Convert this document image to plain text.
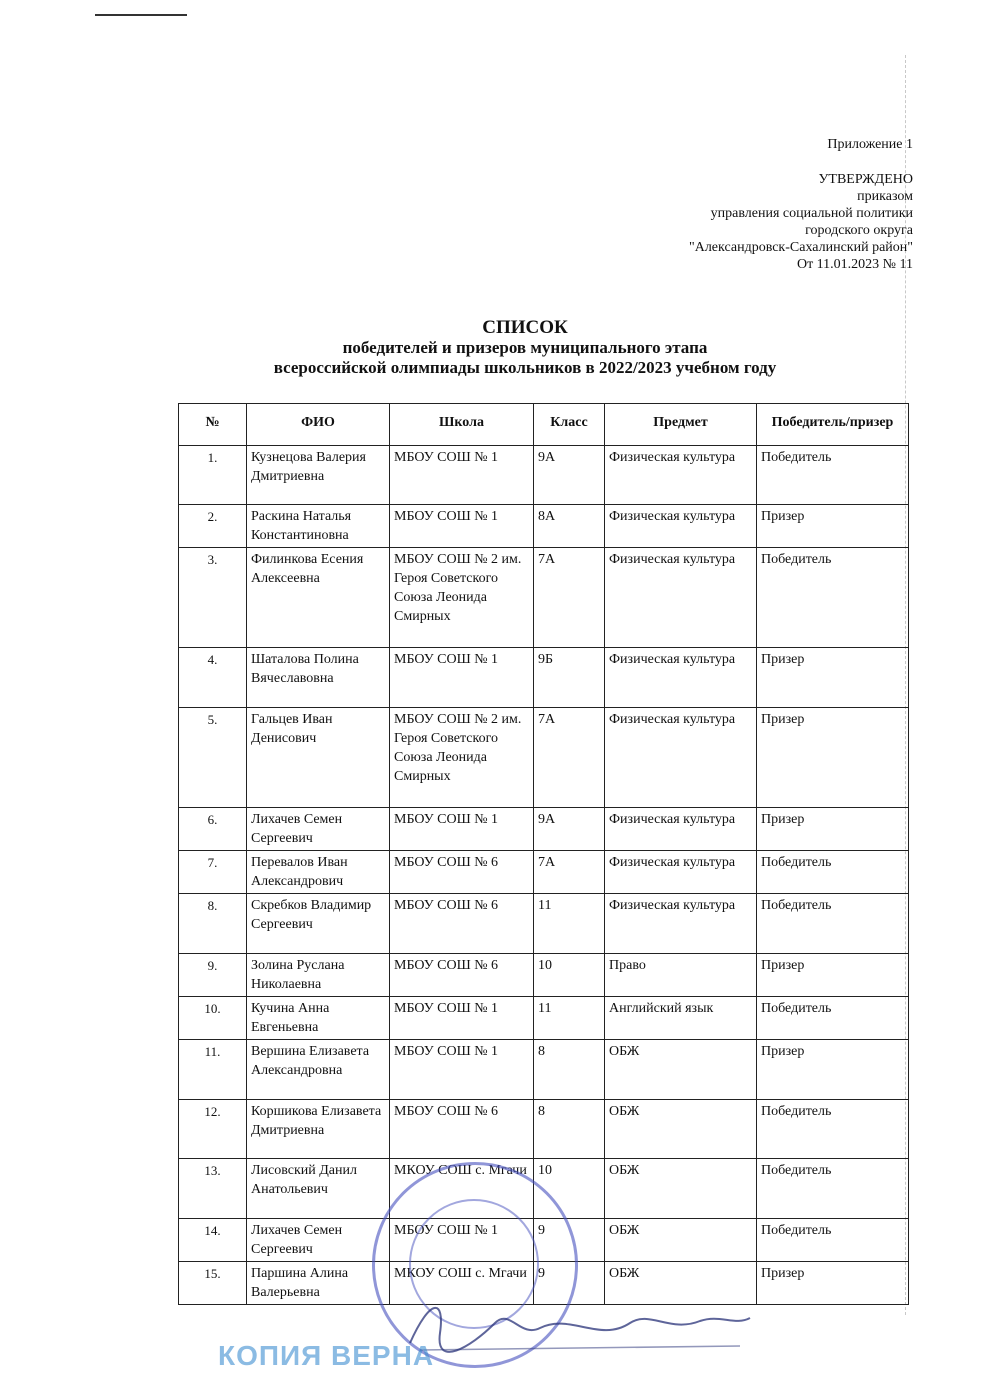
Приложение 1
УТВЕРЖДЕНО
приказом
управления социальной политики
городского округа
"Александровск-Сахалинский район"
От 11.01.2023 № 11
СПИСОК
победителей и призеров муниципального этапа
всероссийской олимпиады школьников в 2022/2023 учебном году
№	ФИО	Школа	Класс	Предмет	Победитель/призер
1.	Кузнецова Валерия Дмитриевна	МБОУ СОШ № 1	9А	Физическая культура	Победитель
2.	Раскина Наталья Константиновна	МБОУ СОШ № 1	8А	Физическая культура	Призер
3.	Филинкова Есения Алексеевна	МБОУ СОШ № 2 им. Героя Советского Союза Леонида Смирных	7А	Физическая культура	Победитель
4.	Шаталова Полина Вячеславовна	МБОУ СОШ № 1	9Б	Физическая культура	Призер
5.	Гальцев Иван Денисович	МБОУ СОШ № 2 им. Героя Советского Союза Леонида Смирных	7А	Физическая культура	Призер
6.	Лихачев Семен Сергеевич	МБОУ СОШ № 1	9А	Физическая культура	Призер
7.	Перевалов Иван Александрович	МБОУ СОШ № 6	7А	Физическая культура	Победитель
8.	Скребков Владимир Сергеевич	МБОУ СОШ № 6	11	Физическая культура	Победитель
9.	Золина Руслана Николаевна	МБОУ СОШ № 6	10	Право	Призер
10.	Кучина Анна Евгеньевна	МБОУ СОШ № 1	11	Английский язык	Победитель
11.	Вершина Елизавета Александровна	МБОУ СОШ № 1	8	ОБЖ	Призер
12.	Коршикова Елизавета Дмитриевна	МБОУ СОШ № 6	8	ОБЖ	Победитель
13.	Лисовский Данил Анатольевич	МКОУ СОШ с. Мгачи	10	ОБЖ	Победитель
14.	Лихачев Семен Сергеевич	МБОУ СОШ № 1	9	ОБЖ	Победитель
15.	Паршина Алина Валерьевна	МКОУ СОШ с. Мгачи	9	ОБЖ	Призер
КОПИЯ ВЕРНА
